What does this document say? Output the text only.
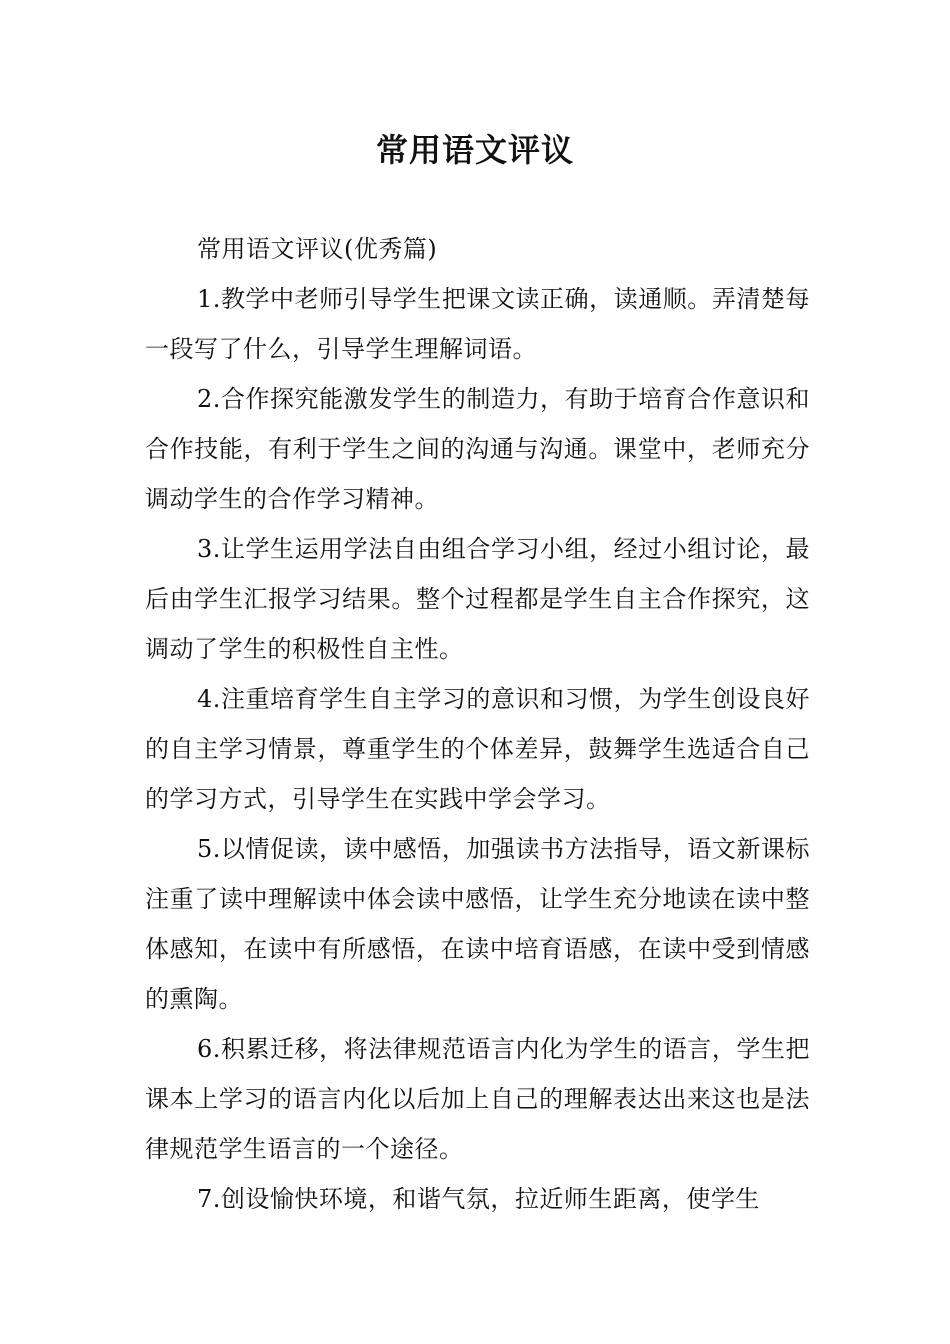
常用语文评议

常用语文评议(优秀篇)

1.教学中老师引导学生把课文读正确，读通顺。弄清楚每一段写了什么，引导学生理解词语。

2.合作探究能激发学生的制造力，有助于培育合作意识和合作技能，有利于学生之间的沟通与沟通。课堂中，老师充分调动学生的合作学习精神。

3.让学生运用学法自由组合学习小组，经过小组讨论，最后由学生汇报学习结果。整个过程都是学生自主合作探究，这调动了学生的积极性自主性。

4.注重培育学生自主学习的意识和习惯，为学生创设良好的自主学习情景，尊重学生的个体差异，鼓舞学生选适合自己的学习方式，引导学生在实践中学会学习。

5.以情促读，读中感悟，加强读书方法指导，语文新课标注重了读中理解读中体会读中感悟，让学生充分地读在读中整体感知，在读中有所感悟，在读中培育语感，在读中受到情感的熏陶。

6.积累迁移，将法律规范语言内化为学生的语言，学生把课本上学习的语言内化以后加上自己的理解表达出来这也是法律规范学生语言的一个途径。

7.创设愉快环境，和谐气氛，拉近师生距离，使学生
